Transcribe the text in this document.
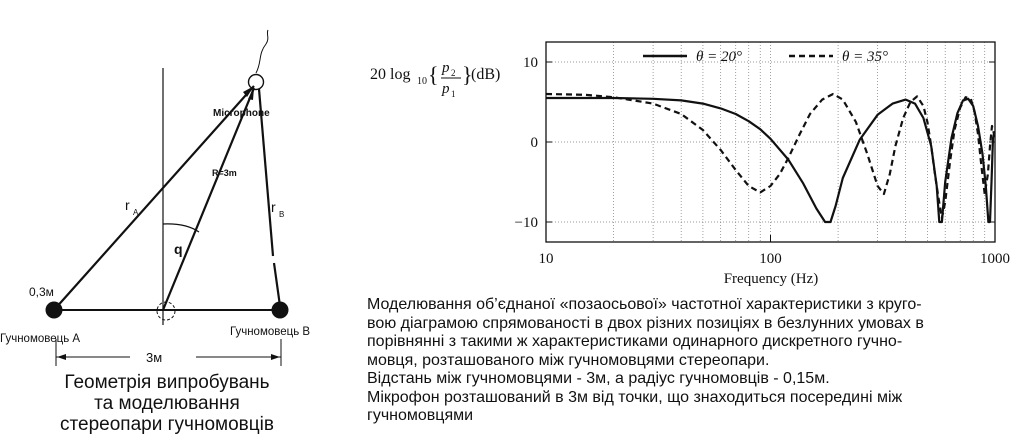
Microphone
R=3m
q
r A	r B
0,3м
Гучномовець А
Гучномовець В
3м
20 log 10 { p 2
p 1
}
(dB)
Frequency (Hz)
10
0
−10
10	100	1000
θ = 20°	θ = 35°
Геометрія випробувань
та моделювання
стереопари гучномовців
Моделювання об’єднаної «позаосьової» частотної характеристики з круго-
вою діаграмою спрямованості в двох різних позиціях в безлунних умовах в
порівнянні з такими ж характеристиками одинарного дискретного гучно-
мовця, розташованого між гучномовцями стереопари.
Відстань між гучномовцями - 3м, а радіус гучномовців - 0,15м.
Мікрофон розташований в 3м від точки, що знаходиться посередині між
гучномовцями
